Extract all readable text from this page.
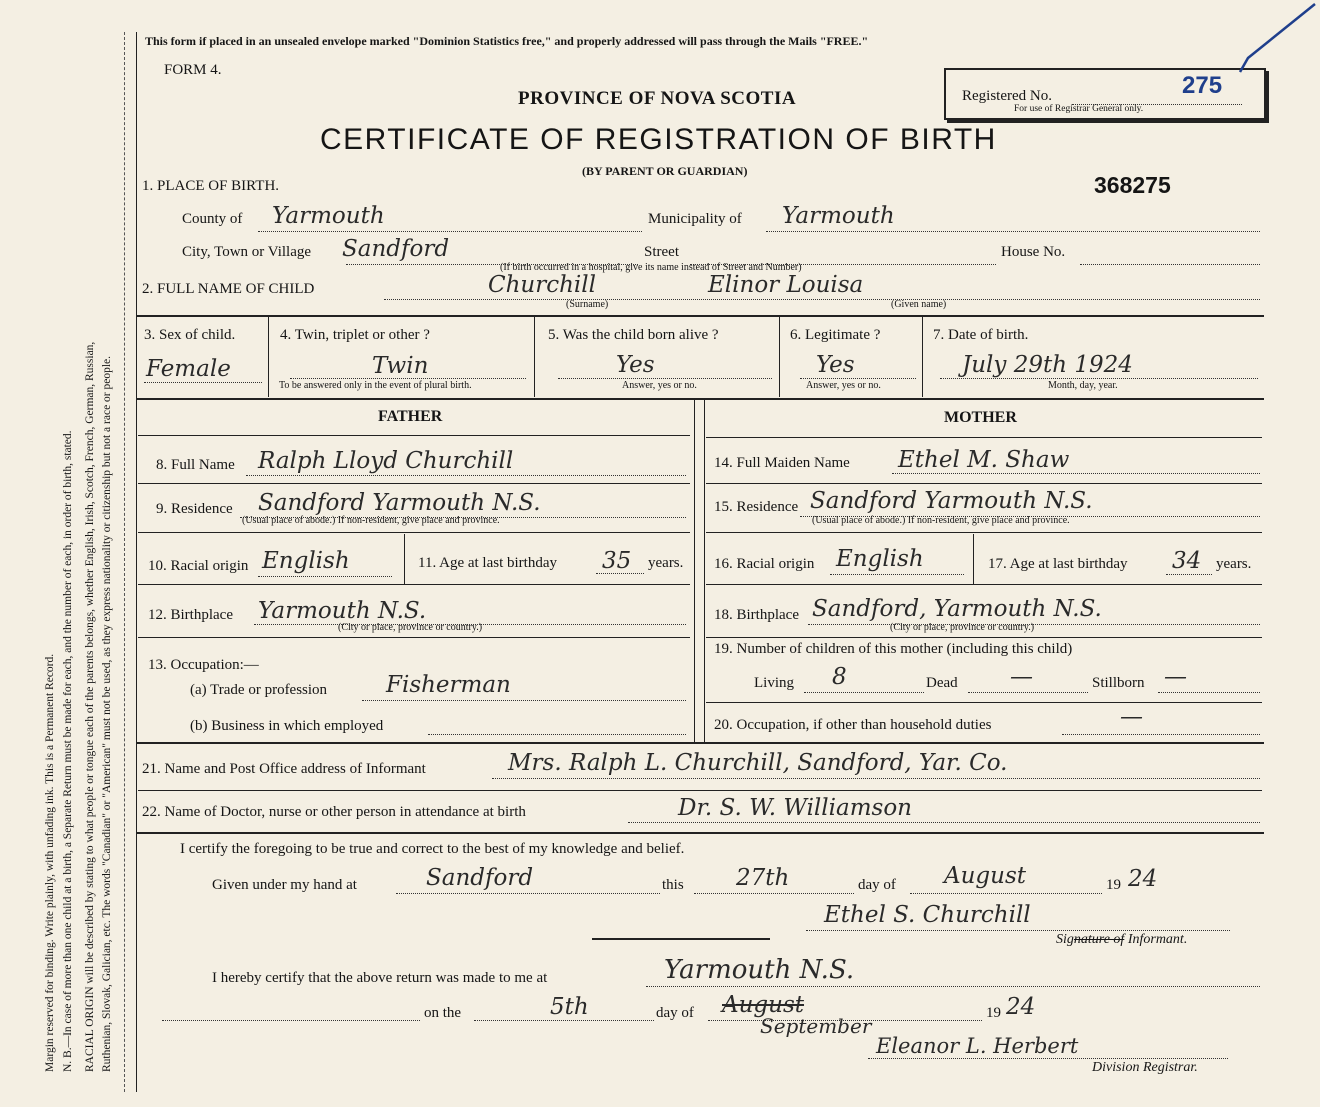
Margin reserved for binding. Write plainly, with unfading ink. This is a Permanent Record. N. B.—In case of more than one child at a birth, a Separate Return must be made for each, and the number of each, in order of birth, stated. RACIAL ORIGIN will be described by stating to what people or tongue each of the parents belongs, whether English, Irish, Scotch, French, German, Russian, Ruthenian, Slovak, Galician, etc. The words "Canadian" or "American" must not be used, as they express nationality or citizenship but not a race or people.
This form if placed in an unsealed envelope marked "Dominion Statistics free," and properly addressed will pass through the Mails "FREE."
FORM 4.
PROVINCE OF NOVA SCOTIA
CERTIFICATE OF REGISTRATION OF BIRTH
(BY PARENT OR GUARDIAN)
Registered No.	275
For use of Registrar General only.
368275
1. PLACE OF BIRTH.
County of Yarmouth	Municipality of Yarmouth
City, Town or Village Sandford	Street	House No.
(If birth occurred in a hospital, give its name instead of Street and Number)
2. FULL NAME OF CHILD	Churchill	Elinor Louisa
(Surname)	(Given name)
3. Sex of child.
Female
4. Twin, triplet or other ?
Twin
To be answered only in the event of plural birth.
5. Was the child born alive ?
Yes
Answer, yes or no.
6. Legitimate ?
Yes
Answer, yes or no.
7. Date of birth.
July 29th 1924
Month, day, year.
FATHER	MOTHER
8. Full Name Ralph Lloyd Churchill
9. Residence Sandford Yarmouth N.S.
(Usual place of abode.) If non-resident, give place and province.
10. Racial origin English	11. Age at last birthday 35 years.
12. Birthplace Yarmouth N.S.
(City or place, province or country.)
13. Occupation:—
(a) Trade or profession	Fisherman
(b) Business in which employed
14. Full Maiden Name Ethel M. Shaw
15. Residence Sandford Yarmouth N.S.
(Usual place of abode.) If non-resident, give place and province.
16. Racial origin English	17. Age at last birthday 34 years.
18. Birthplace Sandford, Yarmouth N.S.
(City or place, province or country.)
19. Number of children of this mother (including this child)
Living 8	Dead —	Stillborn —
20. Occupation, if other than household duties	—
21. Name and Post Office address of Informant	Mrs. Ralph L. Churchill, Sandford, Yar. Co.
22. Name of Doctor, nurse or other person in attendance at birth	Dr. S. W. Williamson
I certify the foregoing to be true and correct to the best of my knowledge and belief.
Given under my hand at	Sandford	this 27th	day of August	19 24
Ethel S. Churchill
Signature of Informant.
I hereby certify that the above return was made to me at	Yarmouth N.S.
on the	5th	day of August
September
19 24
Eleanor L. Herbert
Division Registrar.
